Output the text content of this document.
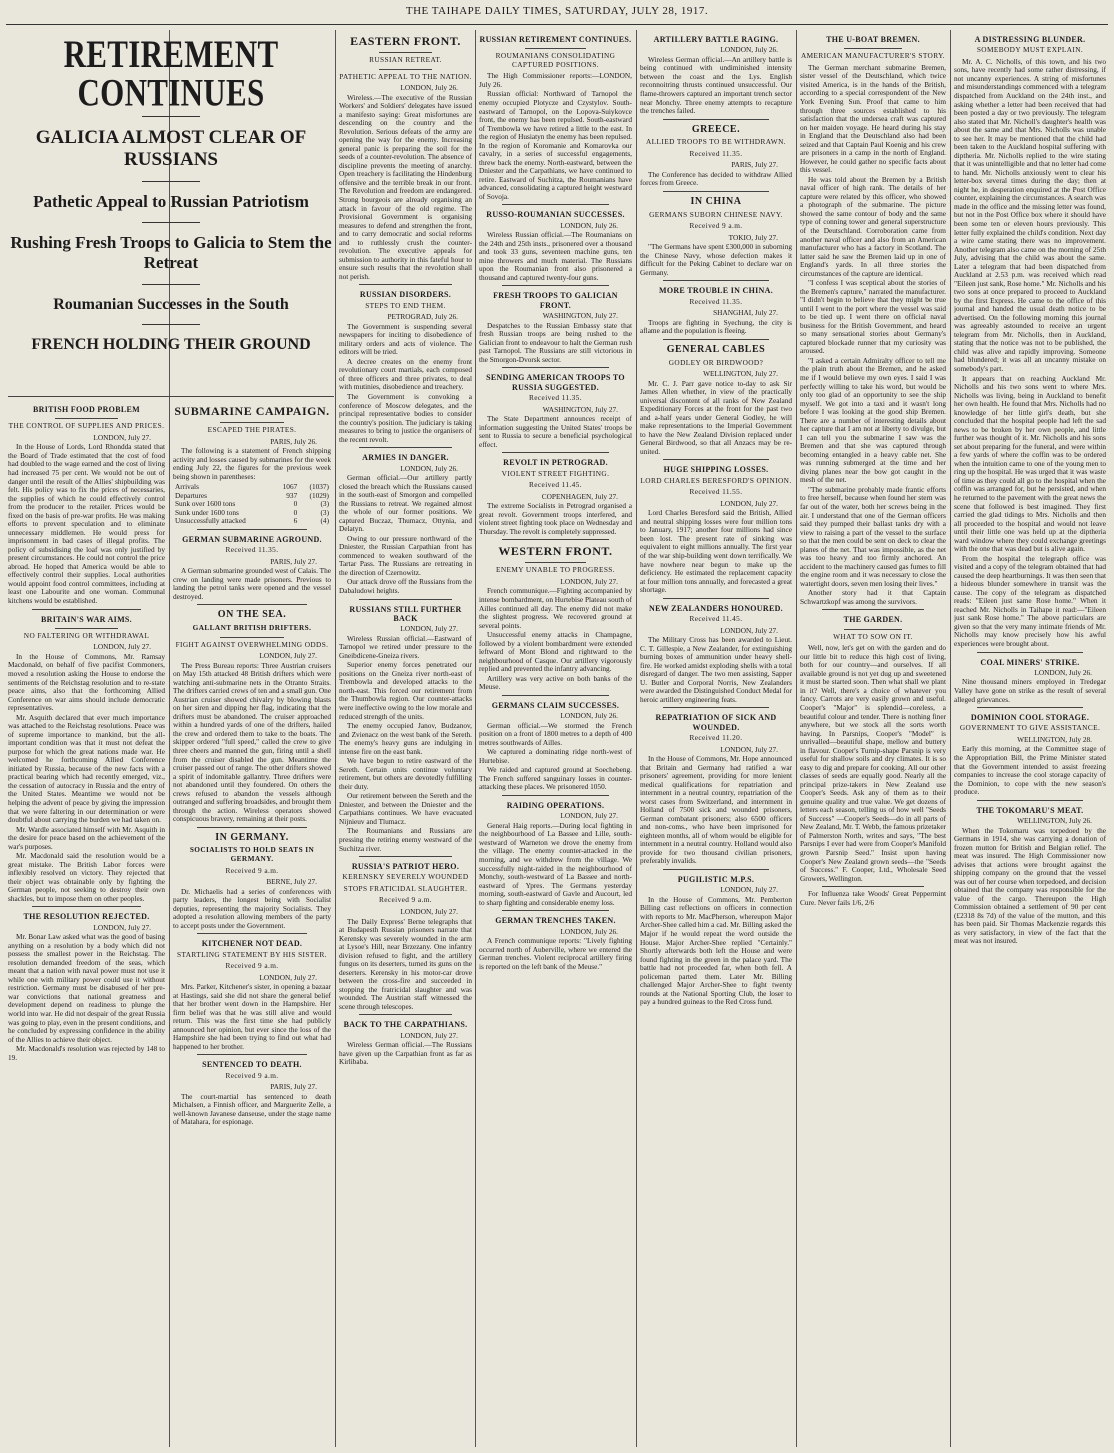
THE TAIHAPE DAILY TIMES, SATURDAY, JULY 28, 1917.
RETIREMENT CONTINUES
GALICIA ALMOST CLEAR OF RUSSIANS
Pathetic Appeal to Russian Patriotism
Rushing Fresh Troops to Galicia to Stem the Retreat
Roumanian Successes in the South
FRENCH HOLDING THEIR GROUND
BRITISH FOOD PROBLEM
THE CONTROL OF SUPPLIES AND PRICES.
LONDON, July 27.

In the House of Lords, Lord Rhondda stated that the Board of Trade estimated that the cost of food had doubled to the wage earned and the cost of living had increased 75 per cent. We would not be out of danger until the result of the Allies' shipbuilding was felt. His policy was to fix the prices of necessaries, the supplies of which he could effectively control from the producer to the retailer. Prices would be fixed on the basis of pre-war profits. He was making efforts to prevent speculation and to eliminate unnecessary middlemen. He would press for imprisonment in bad cases of illegal profits. The policy of subsidising the loaf was only justified by present circumstances. He could not control the price abroad. He hoped that America would be able to effectively control their supplies. Local authorities would appoint food control committees, including at least one Labourite and one woman. Communal kitchens would be established.

BRITAIN'S WAR AIMS.
NO FALTERING OR WITHDRAWAL
LONDON, July 27.

In the House of Commons, Mr. Ramsay Macdonald, on behalf of five pacifist Commoners, moved a resolution asking the House to endorse the sentiments of the Reichstag resolution and to re-state peace aims, also that the forthcoming Allied Conference on war aims should include democratic representatives.

Mr. Asquith declared that ever much importance was attached to the Reichstag resolutions. Peace was of supreme importance to mankind, but the all-important condition was that it must not defeat the purpose for which the great nations made war. He welcomed he forthcoming Allied Conference initiated by Russia, because of the new facts with a practical bearing which had recently emerged, viz., the cessation of autocracy in Russia and the entry of the United States. Meantime we would not be helping the advent of peace by giving the impression that we were faltering in our determination or were doubtful about carrying the burden we had taken on.

Mr. Wardle associated himself with Mr. Asquith in the desire for peace based on the achievement of the war's purposes.

Mr. Macdonald said the resolution would be a great mistake. The British Labor forces were inflexibly resolved on victory. They rejected that their object was obtainable only by fighting the German people, not seeking to destroy their own shackles, but to impose them on other peoples.

THE RESOLUTION REJECTED.
LONDON, July 27.

Mr. Bonar Law asked what was the good of basing anything on a resolution by a body which did not possess the smallest power in the Reichstag. The resolution demanded freedom of the seas, which meant that a nation with naval power must not use it while one with military power could use it without restriction. Germany must be disabused of her pre-war convictions that national greatness and development depend on readiness to plunge the world into war. He did not despair of the great Russia was going to play, even in the present conditions, and he concluded by expressing confidence in the ability of the Allies to achieve their object.

Mr. Macdonald's resolution was rejected by 148 to 19.

SUBMARINE CAMPAIGN.
ESCAPED THE PIRATES.
PARIS, July 26.

The following is a statement of French shipping activity and losses caused by submarines for the week ending July 22, the figures for the previous week being shown in parentheses:

Arrivals	1067	(1037)
Departures	937	(1029)
Sunk over 1600 tons	0	(3)
Sunk under 1600 tons	0	(3)
Unsuccessfully attacked	6	(4)
GERMAN SUBMARINE AGROUND.
Received 11.35.
PARIS, July 27.

A German submarine grounded west of Calais. The crew on landing were made prisoners. Previous to landing the petrol tanks were opened and the vessel destroyed.

ON THE SEA.
GALLANT BRITISH DRIFTERS.
FIGHT AGAINST OVERWHELMING ODDS.
LONDON, July 27.

The Press Bureau reports: Three Austrian cruisers on May 15th attacked 48 British drifters which were watching anti-submarine nets in the Otranto Straits. The drifters carried crews of ten and a small gun. One Austrian cruiser showed chivalry by blowing blasts on her siren and dipping her flag, indicating that the drifters must be abandoned. The cruiser approached within a hundred yards of one of the drifters, hailed the crew and ordered them to take to the boats. The skipper ordered "full speed," called the crew to give three cheers and manned the gun, firing until a shell from the cruiser disabled the gun. Meantime the cruiser passed out of range. The other drifters showed a spirit of indomitable gallantry. Three drifters were not abandoned until they foundered. On others the crews refused to abandon the vessels although outranged and suffering broadsides, and brought them through the action. Wireless operators showed conspicuous bravery, remaining at their posts.

IN GERMANY.
SOCIALISTS TO HOLD SEATS IN GERMANY.
Received 9 a.m.
BERNE, July 27.

Dr. Michaelis had a series of conferences with party leaders, the longest being with Socialist deputies, representing the majority Socialists. They adopted a resolution allowing members of the party to accept posts under the Government.

KITCHENER NOT DEAD.
STARTLING STATEMENT BY HIS SISTER.
Received 9 a.m.
LONDON, July 27.

Mrs. Parker, Kitchener's sister, in opening a bazaar at Hastings, said she did not share the general belief that her brother went down in the Hampshire. Her firm belief was that he was still alive and would return. This was the first time she had publicly announced her opinion, but ever since the loss of the Hampshire she had been trying to find out what had happened to her brother.

SENTENCED TO DEATH.
Received 9 a.m.
PARIS, July 27.

The court-martial has sentenced to death Michalsen, a Finnish officer, and Marguerite Zelle, a well-known Javanese danseuse, under the stage name of Matahara, for espionage.

EASTERN FRONT.
RUSSIAN RETREAT.
PATHETIC APPEAL TO THE NATION.
LONDON, July 26.

Wireless.—The executive of the Russian Workers' and Soldiers' delegates have issued a manifesto saying: Great misfortunes are descending on the country and the Revolution. Serious defeats of the army are opening the way for the enemy. Increasing general panic is preparing the soil for the seeds of a counter-revolution. The absence of discipline prevents the meeting of anarchy. Open treachery is facilitating the Hindenburg offensive and the terrible break in our front. The Revolution and freedom are endangered. Strong bourgeois are already organising an attack in favour of the old regime. The Provisional Government is organising measures to defend and strengthen the front, and to carry democratic and social reforms and to ruthlessly crush the counter-revolution. The executive appeals for submission to authority in this fateful hour to ensure such results that the revolution shall not perish.

RUSSIAN DISORDERS.
STEPS TO END THEM.
PETROGRAD, July 26.

The Government is suspending several newspapers for inciting to disobedience of military orders and acts of violence. The editors will be tried.

A decree creates on the enemy front revolutionary court martials, each composed of three officers and three privates, to deal with mutinies, disobedience and treachery.

The Government is convoking a conference of Moscow delegates, and the principal representative bodies to consider the country's position. The judiciary is taking measures to bring to justice the organisers of the recent revolt.

ARMIES IN DANGER.
LONDON, July 26.

German official.—Our artillery partly closed the breach which the Russians caused in the south-east of Smorgon and compelled the Russians to retreat. We regained almost the whole of our former positions. We captured Buczaz, Thumacz, Ottynia, and Delatyn.

Owing to our pressure northward of the Dniester, the Russian Carpathian front has commenced to weaken southward of the Tartar Pass. The Russians are retreating in the direction of Czernowitz.

Our attack drove off the Russians from the Dabaludowi heights.

RUSSIANS STILL FURTHER BACK
LONDON, July 27.

Wireless Russian official.—Eastward of Tarnopol we retired under pressure to the Gneibdicene-Gneiza rivers.

Superior enemy forces penetrated our positions on the Gneiza river north-east of Trembowla and developed attacks to the north-east. This forced our retirement from the Thumbowla region. Our counter-attacks were ineffective owing to the low morale and reduced strength of the units.

The enemy occupied Janov, Budzanov, and Zvienacz on the west bank of the Sereth. The enemy's heavy guns are indulging in intense fire on the east bank.

We have begun to retire eastward of the Sereth. Certain units continue voluntary retirement, but others are devotedly fulfilling their duty.

Our retirement between the Sereth and the Dniester, and between the Dniester and the Carpathians continues. We have evacuated Nijnieuv and Tlumacz.

The Roumanians and Russians are pressing the retiring enemy westward of the Suchitza river.

RUSSIA'S PATRIOT HERO.
KERENSKY SEVERELY WOUNDED
STOPS FRATICIDAL SLAUGHTER.
Received 9 a.m.
LONDON, July 27.

The Daily Express' Berne telegraphs that at Budapesth Russian prisoners narrate that Kerensky was severely wounded in the arm at Lysoe's Hill, near Brzezany. One infantry division refused to fight, and the artillery fungus on its deserters, turned its guns on the deserters. Kerensky in his motor-car drove between the cross-fire and succeeded in stopping the fratricidal slaughter and was wounded. The Austrian staff witnessed the scene through telescopes.

BACK TO THE CARPATHIANS.
LONDON, July 27.

Wireless German official.—The Russians have given up the Carpathian front as far as Kirlibaba.

RUSSIAN RETIREMENT CONTINUES.
ROUMANIANS CONSOLIDATING CAPTURED POSITIONS.

The High Commissioner reports:—LONDON, July 26.

Russian official: Northward of Tarnopol the enemy occupied Plotycze and Czystylov. South-eastward of Tarnopol, on the Lopova-Suiykovce front, the enemy has been repulsed. South-eastward of Trembowla we have retired a little to the east. In the region of Husiatyn the enemy has been repulsed. In the region of Koromanie and Komarovka our cavalry, in a series of successful engagements, threw back the enemy. North-eastward, between the Dniester and the Carpathians, we have continued to retire. Eastward of Suchitza, the Roumanians have advanced, consolidating a captured height westward of Sovoja.

RUSSO-ROUMANIAN SUCCESSES.
LONDON, July 26.

Wireless Russian official.—The Roumanians on the 24th and 25th insts., prisonered over a thousand and took 33 guns, seventeen machine guns, ten mine throwers and much material. The Russians upon the Roumanian front also prisonered a thousand and captured twenty-four guns.

FRESH TROOPS TO GALICIAN FRONT.
WASHINGTON, July 27.

Despatches to the Russian Embassy state that fresh Russian troops are being rushed to the Galician front to endeavour to halt the German rush past Tarnopol. The Russians are still victorious in the Smorgon-Dvorsk sector.

SENDING AMERICAN TROOPS TO RUSSIA SUGGESTED.
Received 11.35.
WASHINGTON, July 27.

The State Department announces receipt of information suggesting the United States' troops be sent to Russia to secure a beneficial psychological effect.

REVOLT IN PETROGRAD.
VIOLENT STREET FIGHTING.
Received 11.45.
COPENHAGEN, July 27.

The extreme Socialists in Petrograd organised a great revolt. Government troops interfered, and violent street fighting took place on Wednesday and Thursday. The revolt is completely suppressed.

WESTERN FRONT.
ENEMY UNABLE TO PROGRESS.
LONDON, July 27.

French communique.—Fighting accompanied by intense bombardment, on Hurtebise Plateau south of Ailles continued all day. The enemy did not make the slightest progress. We recovered ground at several points.

Unsuccessful enemy attacks in Champagne, followed by a violent bombardment were extended leftward of Mont Blond and rightward to the neighbourhood of Casque. Our artillery vigorously replied and prevented the infantry advancing.

Artillery was very active on both banks of the Meuse.

GERMANS CLAIM SUCCESSES.
LONDON, July 26.

German official.—We stormed the French position on a front of 1800 metres to a depth of 400 metres southwards of Ailles.

We captured a dominating ridge north-west of Hurtebise.

We raided and captured ground at Soechebeng. The French suffered sanguinary losses in counter-attacking these places. We prisonered 1050.

RAIDING OPERATIONS.
LONDON, July 27.

General Haig reports.—During local fighting in the neighbourhood of La Bassee and Lille, south-westward of Warneton we drove the enemy from the village. The enemy counter-attacked in the morning, and we withdrew from the village. We successfully night-raided in the neighbourhood of Monchy, south-westward of La Bassee and north-eastward of Ypres. The Germans yesterday morning, south-eastward of Gavle and Aucourt, led to sharp fighting and considerable enemy loss.

GERMAN TRENCHES TAKEN.
LONDON, July 26.

A French communique reports: "Lively fighting occurred north of Auberville, where we entered the German trenches. Violent reciprocal artillery firing is reported on the left bank of the Meuse."

ARTILLERY BATTLE RAGING.
LONDON, July 26.

Wireless German official.—An artillery battle is being continued with undiminished intensity between the coast and the Lys. English reconnoitring thrusts continued unsuccessful. Our flame-throwers captured an important trench sector near Monchy. Three enemy attempts to recapture the trenches failed.

GREECE.
ALLIED TROOPS TO BE WITHDRAWN.
Received 11.35.
PARIS, July 27.

The Conference has decided to withdraw Allied forces from Greece.

IN CHINA
GERMANS SUBORN CHINESE NAVY.
Received 9 a.m.
TOKIO, July 27.

"The Germans have spent £300,000 in suborning the Chinese Navy, whose defection makes it difficult for the Peking Cabinet to declare war on Germany.

MORE TROUBLE IN CHINA.
Received 11.35.
SHANGHAI, July 27.

Troops are fighting in Syechung, the city is aflame and the population is fleeing.

GENERAL CABLES
GODLEY OR BIRDWOOD?
WELLINGTON, July 27.

Mr. C. J. Parr gave notice to-day to ask Sir James Allen whether, in view of the practically universal discontent of all ranks of New Zealand Expeditionary Forces at the front for the past two and a-half years under General Godley, he will make representations to the Imperial Government to have the New Zealand Division replaced under General Birdwood, so that all Anzacs may be re-united.

HUGE SHIPPING LOSSES.
LORD CHARLES BERESFORD'S OPINION.
Received 11.55.
LONDON, July 27.

Lord Charles Beresford said the British, Allied and neutral shipping losses were four million tons to January, 1917; another four millions had since been lost. The present rate of sinking was equivalent to eight millions annually. The first year of the war ship-building went down terrifically. We have nowhere near begun to make up the deficiency. He estimated the replacement capacity at four million tons annually, and forecasted a great shortage.

NEW ZEALANDERS HONOURED.
Received 11.45.
LONDON, July 27.

The Military Cross has been awarded to Lieut. C. T. Gillespie, a New Zealander, for extinguishing burning boxes of ammunition under heavy shell-fire. He worked amidst exploding shells with a total disregard of danger. The two men assisting, Sapper U. Butler and Corporal Norris, New Zealanders were awarded the Distinguished Conduct Medal for heroic artillery engineering feats.

REPATRIATION OF SICK AND WOUNDED.
Received 11.20.
LONDON, July 27.

In the House of Commons, Mr. Hope announced that Britain and Germany had ratified a war prisoners' agreement, providing for more lenient medical qualifications for repatriation and internment in a neutral country, repatriation of the worst cases from Switzerland, and internment in Holland of 7500 sick and wounded prisoners, German combatant prisoners; also 6500 officers and non-coms., who have been imprisoned for eighteen months, all of whom would be eligible for internment in a neutral country. Holland would also provide for two thousand civilian prisoners, preferably invalids.

PUGILISTIC M.P.S.
LONDON, July 27.

In the House of Commons, Mr. Pemberton Billing cast reflections on officers in connection with reports to Mr. MacPherson, whereupon Major Archer-Shee called him a cad. Mr. Billing asked the Major if he would repeat the word outside the House. Major Archer-Shee replied "Certainly." Shortly afterwards both left the House and were found fighting in the green in the palace yard. The battle had not proceeded far, when both fell. A policeman parted them. Later Mr. Billing challenged Major Archer-Shee to fight twenty rounds at the National Sporting Club, the loser to pay a hundred guineas to the Red Cross fund.

THE U-BOAT BREMEN.
AMERICAN MANUFACTURER'S STORY.

The German merchant submarine Bremen, sister vessel of the Deutschland, which twice visited America, is in the hands of the British, according to a special correspondent of the New York Evening Sun. Proof that came to him through three sources established to his satisfaction that the undersea craft was captured on her maiden voyage. He heard during his stay in England that the Deutschland also had been seized and that Captain Paul Koenig and his crew are prisoners in a camp in the north of England. However, he could gather no specific facts about this vessel.

He was told about the Bremen by a British naval officer of high rank. The details of her capture were related by this officer, who showed a photograph of the submarine. The picture showed the same contour of body and the same type of conning tower and general superstructure of the Deutschland. Corroboration came from another naval officer and also from an American manufacturer who has a factory in Scotland. The latter said he saw the Bremen laid up in one of England's yards. In all three stories the circumstances of the capture are identical.

"I confess I was sceptical about the stories of the Bremen's capture," narrated the manufacturer. "I didn't begin to believe that they might be true until I went to the port where the vessel was said to be tied up. I went there on official naval business for the British Government, and heard so many sensational stories about Germany's captured blockade runner that my curiosity was aroused.

"I asked a certain Admiralty officer to tell me the plain truth about the Bremen, and he asked me if I would believe my own eyes. I said I was perfectly willing to take his word, but would be only too glad of an opportunity to see the ship myself. We got into a taxi and it wasn't long before I was looking at the good ship Bremen. There are a number of interesting details about her capture that I am not at liberty to divulge, but I can tell you the submarine I saw was the Bremen and that she was captured through becoming entangled in a heavy cable net. She was running submerged at the time and her diving planes near the bow got caught in the mesh of the net.

"The submarine probably made frantic efforts to free herself, because when found her stern was far out of the water, both her screws being in the air. I understand that one of the German officers said they pumped their ballast tanks dry with a view to raising a part of the vessel to the surface so that the men could be sent on deck to clear the planes of the net. That was impossible, as the net was too heavy and too firmly anchored. An accident to the machinery caused gas fumes to fill the engine room and it was necessary to close the watertight doors, seven men losing their lives."

Another story had it that Captain Schwartzkopf was among the survivors.

THE GARDEN.
WHAT TO SOW ON IT.

Well, now, let's get on with the garden and do our little bit to reduce this high cost of living, both for our country—and ourselves. If all available ground is not yet dug up and sweetened it must be started soon. Then what shall we plant in it? Well, there's a choice of whatever you fancy. Carrots are very easily grown and useful. Cooper's "Major" is splendid—coreless, a beautiful colour and tender. There is nothing finer anywhere, but we stock all the sorts worth having. In Parsnips, Cooper's "Model" is unrivalled—beautiful shape, mellow and buttery in flavour. Cooper's Turnip-shape Parsnip is very useful for shallow soils and dry climates. It is so easy to dig and prepare for cooking. All our other classes of seeds are equally good. Nearly all the principal prize-takers in New Zealand use Cooper's Seeds. Ask any of them as to their genuine quality and true value. We get dozens of letters each season, telling us of how well "Seeds of Success" —Cooper's Seeds—do in all parts of New Zealand, Mr. T. Webb, the famous prizetaker of Palmerston North, writes and says, "The best Parsnips I ever had were from Cooper's Manifold grown Parsnip Seed." Insist upon having Cooper's New Zealand grown seeds—the "Seeds of Success." F. Cooper, Ltd., Wholesale Seed Growers, Wellington.

For Influenza take Woods' Great Peppermint Cure. Never fails 1/6, 2/6

A DISTRESSING BLUNDER.
SOMEBODY MUST EXPLAIN.

Mr. A. C. Nicholls, of this town, and his two sons, have recently had some rather distressing, if not uncanny experiences. A string of misfortunes and misunderstandings commenced with a telegram dispatched from Auckland on the 24th inst., and asking whether a letter had been received that had been posted a day or two previously. The telegram also stated that Mr. Nicholl's daughter's health was about the same and that Mrs. Nicholls was unable to see her. It may be mentioned that the child had been taken to the Auckland hospital suffering with diptheria. Mr. Nicholls replied to the wire stating that it was unintelligible and that no letter had come to hand. Mr. Nicholls anxiously went to clear his letter-box several times during the day; then at night he, in desperation enquired at the Post Office counter, explaining the circumstances. A search was made in the office and the missing letter was found, but not in the Post Office box where it should have been some ten or eleven hours previously. This letter fully explained the child's condition. Next day a wire came stating there was no improvement. Another telegram also came on the morning of 25th July, advising that the child was about the same. Later a telegram that had been dispatched from Auckland at 2.53 p.m. was received which read "Eileen just sank, Rose home." Mr. Nicholls and his two sons at once prepared to proceed to Auckland by the first Express. He came to the office of this journal and handed the usual death notice to be advertised. On the following morning this journal was agreeably astounded to receive an urgent telegram from Mr. Nicholls, then in Auckland, stating that the notice was not to be published, the child was alive and rapidly improving. Someone had blundered; it was all an uncanny mistake on somebody's part.

It appears that on reaching Auckland Mr. Nicholls and his two sons went to where Mrs. Nicholls was living, being in Auckland to benefit her own health. He found that Mrs. Nicholls had no knowledge of her little girl's death, but she concluded that the hospital people had left the sad news to be broken by her own people, and little further was thought of it. Mr. Nicholls and his sons set about preparing for the funeral, and were within a few yards of where the coffin was to be ordered when the intuition came to one of the young men to ring up the hospital. He was urged that it was waste of time as they could all go to the hospital when the coffin was arranged for, but he persisted, and when he returned to the pavement with the great news the scene that followed is best imagined. They first carried the glad tidings to Mrs. Nicholls and then all proceeded to the hospital and would not leave until their little one was held up at the diptheria ward window where they could exchange greetings with the one that was dead but is alive again.

From the hospital the telegraph office was visited and a copy of the telegram obtained that had caused the deep heartburnings. It was then seen that a hideous blunder somewhere in transit was the cause. The copy of the telegram as dispatched reads: "Eileen just same Rose home." When it reached Mr. Nicholls in Taihape it read:—"Eileen just sank Rose home." The above particulars are given so that the very many intimate friends of Mr. Nicholls may know precisely how his awful experiences were brought about.

COAL MINERS' STRIKE.
LONDON, July 26.

Nine thousand miners employed in Tredegar Valley have gone on strike as the result of several alleged grievances.

DOMINION COOL STORAGE.
GOVERNMENT TO GIVE ASSISTANCE.
WELLINGTON, July 28.

Early this morning, at the Committee stage of the Appropriation Bill, the Prime Minister stated that the Government intended to assist freezing companies to increase the cool storage capacity of the Dominion, to cope with the new season's produce.

THE TOKOMARU'S MEAT.
WELLINGTON, July 26.

When the Tokomaru was torpedoed by the Germans in 1914, she was carrying a donation of frozen mutton for British and Belgian relief. The meat was insured. The High Commissioner now advises that actions were brought against the shipping company on the ground that the vessel was out of her course when torpedoed, and decision obtained that the company was responsible for the value of the cargo. Thereupon the High Commission obtained a settlement of 90 per cent (£2318 8s 7d) of the value of the mutton, and this has been paid. Sir Thomas Mackenzie regards this as very satisfactory, in view of the fact that the meat was not insured.
